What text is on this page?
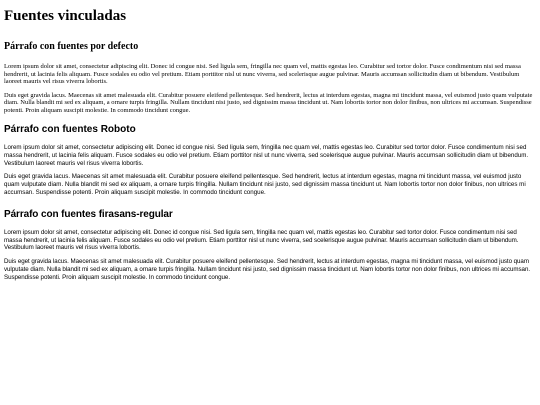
Fuentes vinculadas
Párrafo con fuentes por defecto

Lorem ipsum dolor sit amet, consectetur adipiscing elit. Donec id congue nisi. Sed ligula sem, fringilla nec quam vel, mattis egestas leo. Curabitur sed tortor dolor. Fusce condimentum nisi sed massa hendrerit, ut lacinia felis aliquam. Fusce sodales eu odio vel pretium. Etiam porttitor nisl ut nunc viverra, sed scelerisque augue pulvinar. Mauris accumsan sollicitudin diam ut bibendum. Vestibulum laoreet mauris vel risus viverra lobortis.

Duis eget gravida lacus. Maecenas sit amet malesuada elit. Curabitur posuere eleifend pellentesque. Sed hendrerit, lectus at interdum egestas, magna mi tincidunt massa, vel euismod justo quam vulputate diam. Nulla blandit mi sed ex aliquam, a ornare turpis fringilla. Nullam tincidunt nisi justo, sed dignissim massa tincidunt ut. Nam lobortis tortor non dolor finibus, non ultrices mi accumsan. Suspendisse potenti. Proin aliquam suscipit molestie. In commodo tincidunt congue.

Párrafo con fuentes Roboto

Lorem ipsum dolor sit amet, consectetur adipiscing elit. Donec id congue nisi. Sed ligula sem, fringilla nec quam vel, mattis egestas leo. Curabitur sed tortor dolor. Fusce condimentum nisi sed massa hendrerit, ut lacinia felis aliquam. Fusce sodales eu odio vel pretium. Etiam porttitor nisl ut nunc viverra, sed scelerisque augue pulvinar. Mauris accumsan sollicitudin diam ut bibendum. Vestibulum laoreet mauris vel risus viverra lobortis.

Duis eget gravida lacus. Maecenas sit amet malesuada elit. Curabitur posuere eleifend pellentesque. Sed hendrerit, lectus at interdum egestas, magna mi tincidunt massa, vel euismod justo quam vulputate diam. Nulla blandit mi sed ex aliquam, a ornare turpis fringilla. Nullam tincidunt nisi justo, sed dignissim massa tincidunt ut. Nam lobortis tortor non dolor finibus, non ultrices mi accumsan. Suspendisse potenti. Proin aliquam suscipit molestie. In commodo tincidunt congue.

Párrafo con fuentes firasans-regular

Lorem ipsum dolor sit amet, consectetur adipiscing elit. Donec id congue nisi. Sed ligula sem, fringilla nec quam vel, mattis egestas leo. Curabitur sed tortor dolor. Fusce condimentum nisi sed massa hendrerit, ut lacinia felis aliquam. Fusce sodales eu odio vel pretium. Etiam porttitor nisl ut nunc viverra, sed scelerisque augue pulvinar. Mauris accumsan sollicitudin diam ut bibendum. Vestibulum laoreet mauris vel risus viverra lobortis.

Duis eget gravida lacus. Maecenas sit amet malesuada elit. Curabitur posuere eleifend pellentesque. Sed hendrerit, lectus at interdum egestas, magna mi tincidunt massa, vel euismod justo quam vulputate diam. Nulla blandit mi sed ex aliquam, a ornare turpis fringilla. Nullam tincidunt nisi justo, sed dignissim massa tincidunt ut. Nam lobortis tortor non dolor finibus, non ultrices mi accumsan. Suspendisse potenti. Proin aliquam suscipit molestie. In commodo tincidunt congue.
